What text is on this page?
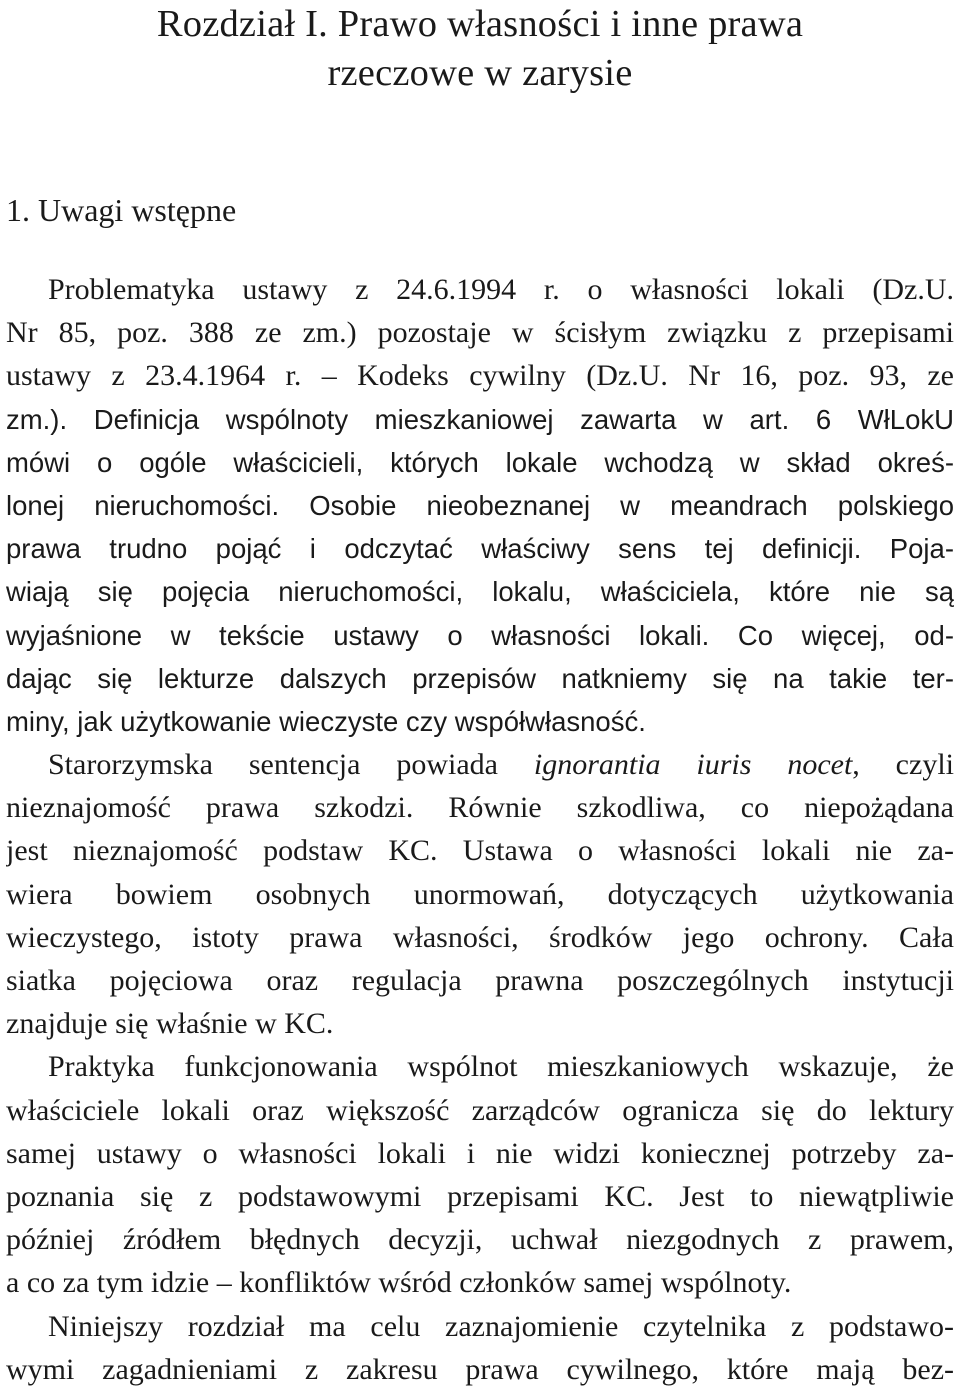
Rozdział I. Prawo własności i inne prawa
rzeczowe w zarysie
1. Uwagi wstępne
Problematyka ustawy z 24.6.1994 r. o własności lokali (Dz.U.
Nr 85, poz. 388 ze zm.) pozostaje w ścisłym związku z przepisami
ustawy z 23.4.1964 r. – Kodeks cywilny (Dz.U. Nr 16, poz. 93, ze
zm.). Definicja wspólnoty mieszkaniowej zawarta w art. 6 WłLokU
mówi o ogóle właścicieli, których lokale wchodzą w skład okreś-
lonej nieruchomości. Osobie nieobeznanej w meandrach polskiego
prawa trudno pojąć i odczytać właściwy sens tej definicji. Poja-
wiają się pojęcia nieruchomości, lokalu, właściciela, które nie są
wyjaśnione w tekście ustawy o własności lokali. Co więcej, od-
dając się lekturze dalszych przepisów natkniemy się na takie ter-
miny, jak użytkowanie wieczyste czy współwłasność.
Starorzymska sentencja powiada ignorantia iuris nocet, czyli
nieznajomość prawa szkodzi. Równie szkodliwa, co niepożądana
jest nieznajomość podstaw KC. Ustawa o własności lokali nie za-
wiera bowiem osobnych unormowań, dotyczących użytkowania
wieczystego, istoty prawa własności, środków jego ochrony. Cała
siatka pojęciowa oraz regulacja prawna poszczególnych instytucji
znajduje się właśnie w KC.
Praktyka funkcjonowania wspólnot mieszkaniowych wskazuje, że
właściciele lokali oraz większość zarządców ogranicza się do lektury
samej ustawy o własności lokali i nie widzi koniecznej potrzeby za-
poznania się z podstawowymi przepisami KC. Jest to niewątpliwie
później źródłem błędnych decyzji, uchwał niezgodnych z prawem,
a co za tym idzie – konfliktów wśród członków samej wspólnoty.
Niniejszy rozdział ma celu zaznajomienie czytelnika z podstawo-
wymi zagadnieniami z zakresu prawa cywilnego, które mają bez-
